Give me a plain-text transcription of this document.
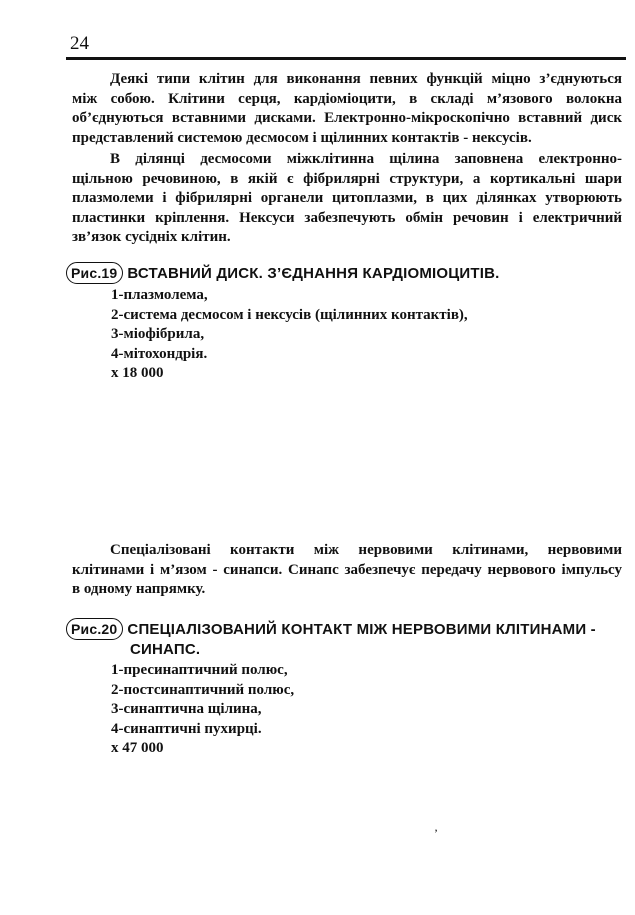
24
Деякі типи клітин для виконання певних функцій міцно з’єднуються
між собою. Клітини серця, кардіоміоцити, в складі м’язового волокна
об’єднуються вставними дисками. Електронно-мікроскопічно вставний диск
представлений системою десмосом і щілинних контактів - нексусів.
В ділянці десмосоми міжклітинна щілина заповнена електронно-
щільною речовиною, в якій є фібрилярні структури, а кортикальні шари
плазмолеми і фібрилярні органели цитоплазми, в цих ділянках утворюють
пластинки кріплення. Нексуси забезпечують обмін речовин і електричний
зв’язок сусідніх клітин.
Рис.19 ВСТАВНИЙ ДИСК. З’ЄДНАННЯ КАРДІОМІОЦИТІВ.
1-плазмолема,
2-система десмосом і нексусів (щілинних контактів),
3-міофібрила,
4-мітохондрія.
х 18 000
Спеціалізовані контакти між нервовими клітинами, нервовими
клітинами і м’язом - синапси. Синапс забезпечує передачу нервового імпульсу
в одному напрямку.
Рис.20 СПЕЦІАЛІЗОВАНИЙ КОНТАКТ МІЖ НЕРВОВИМИ КЛІТИНАМИ -
СИНАПС.
1-пресинаптичний полюс,
2-постсинаптичний полюс,
3-синаптична щілина,
4-синаптичні пухирці.
х 47 000
’
